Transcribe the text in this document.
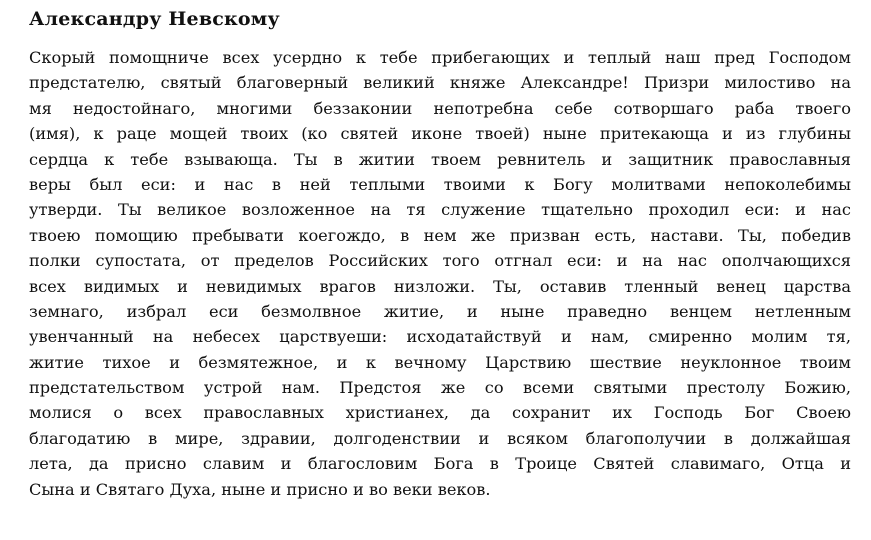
Александру Невскому
Скорый помощниче всех усердно к тебе прибегающих и теплый наш пред Господом
предстателю, святый благоверный великий княже Александре! Призри милостиво на
мя недостойнаго, многими беззаконии непотребна себе сотворшаго раба твоего
(имя), к раце мощей твоих (ко святей иконе твоей) ныне притекающа и из глубины
сердца к тебе взывающа. Ты в житии твоем ревнитель и защитник православныя
веры был еси: и нас в ней теплыми твоими к Богу молитвами непоколебимы
утверди. Ты великое возложенное на тя служение тщательно проходил еси: и нас
твоею помощию пребывати коегождо, в нем же призван есть, настави. Ты, победив
полки супостата, от пределов Российских того отгнал еси: и на нас ополчающихся
всех видимых и невидимых врагов низложи. Ты, оставив тленный венец царства
земнаго, избрал еси безмолвное житие, и ныне праведно венцем нетленным
увенчанный на небесех царствуеши: исходатайствуй и нам, смиренно молим тя,
житие тихое и безмятежное, и к вечному Царствию шествие неуклонное твоим
предстательством устрой нам. Предстоя же со всеми святыми престолу Божию,
молися о всех православных христианех, да сохранит их Господь Бог Своею
благодатию в мире, здравии, долгоденствии и всяком благополучии в должайшая
лета, да присно славим и благословим Бога в Троице Святей славимаго, Отца и
Сына и Святаго Духа, ныне и присно и во веки веков.
